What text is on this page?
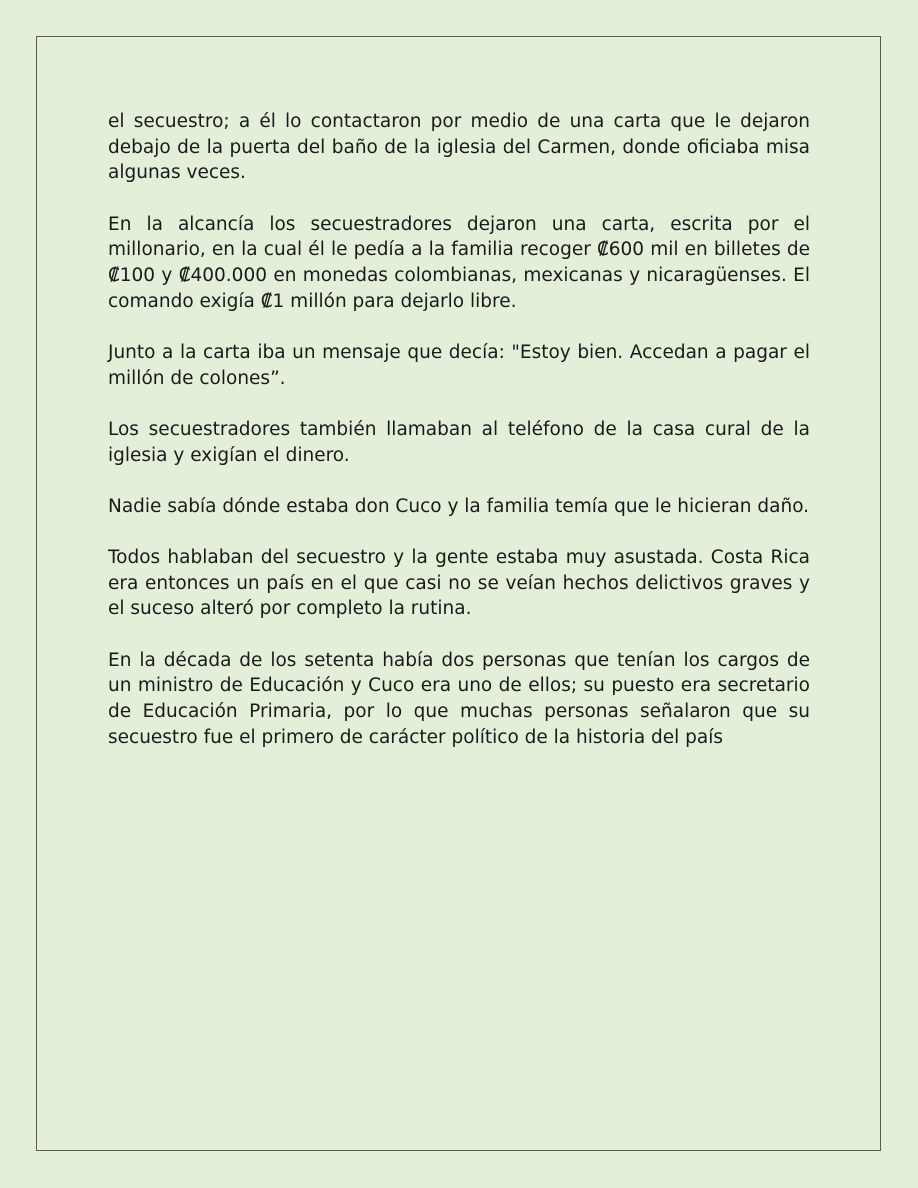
el secuestro; a él lo contactaron por medio de una carta que le dejaron debajo de la puerta del baño de la iglesia del Carmen, donde oficiaba misa algunas veces.

En la alcancía los secuestradores dejaron una carta, escrita por el millonario, en la cual él le pedía a la familia recoger ₡600 mil en billetes de ₡100 y ₡400.000 en monedas colombianas, mexicanas y nicaragüenses. El comando exigía ₡1 millón para dejarlo libre.

Junto a la carta iba un mensaje que decía: "Estoy bien. Accedan a pagar el millón de colones”.

Los secuestradores también llamaban al teléfono de la casa cural de la iglesia y exigían el dinero.

Nadie sabía dónde estaba don Cuco y la familia temía que le hicieran daño.

Todos hablaban del secuestro y la gente estaba muy asustada. Costa Rica era entonces un país en el que casi no se veían hechos delictivos graves y el suceso alteró por completo la rutina.

En la década de los setenta había dos personas que tenían los cargos de un ministro de Educación y Cuco era uno de ellos; su puesto era secretario de Educación Primaria, por lo que muchas personas señalaron que su secuestro fue el primero de carácter político de la historia del país
